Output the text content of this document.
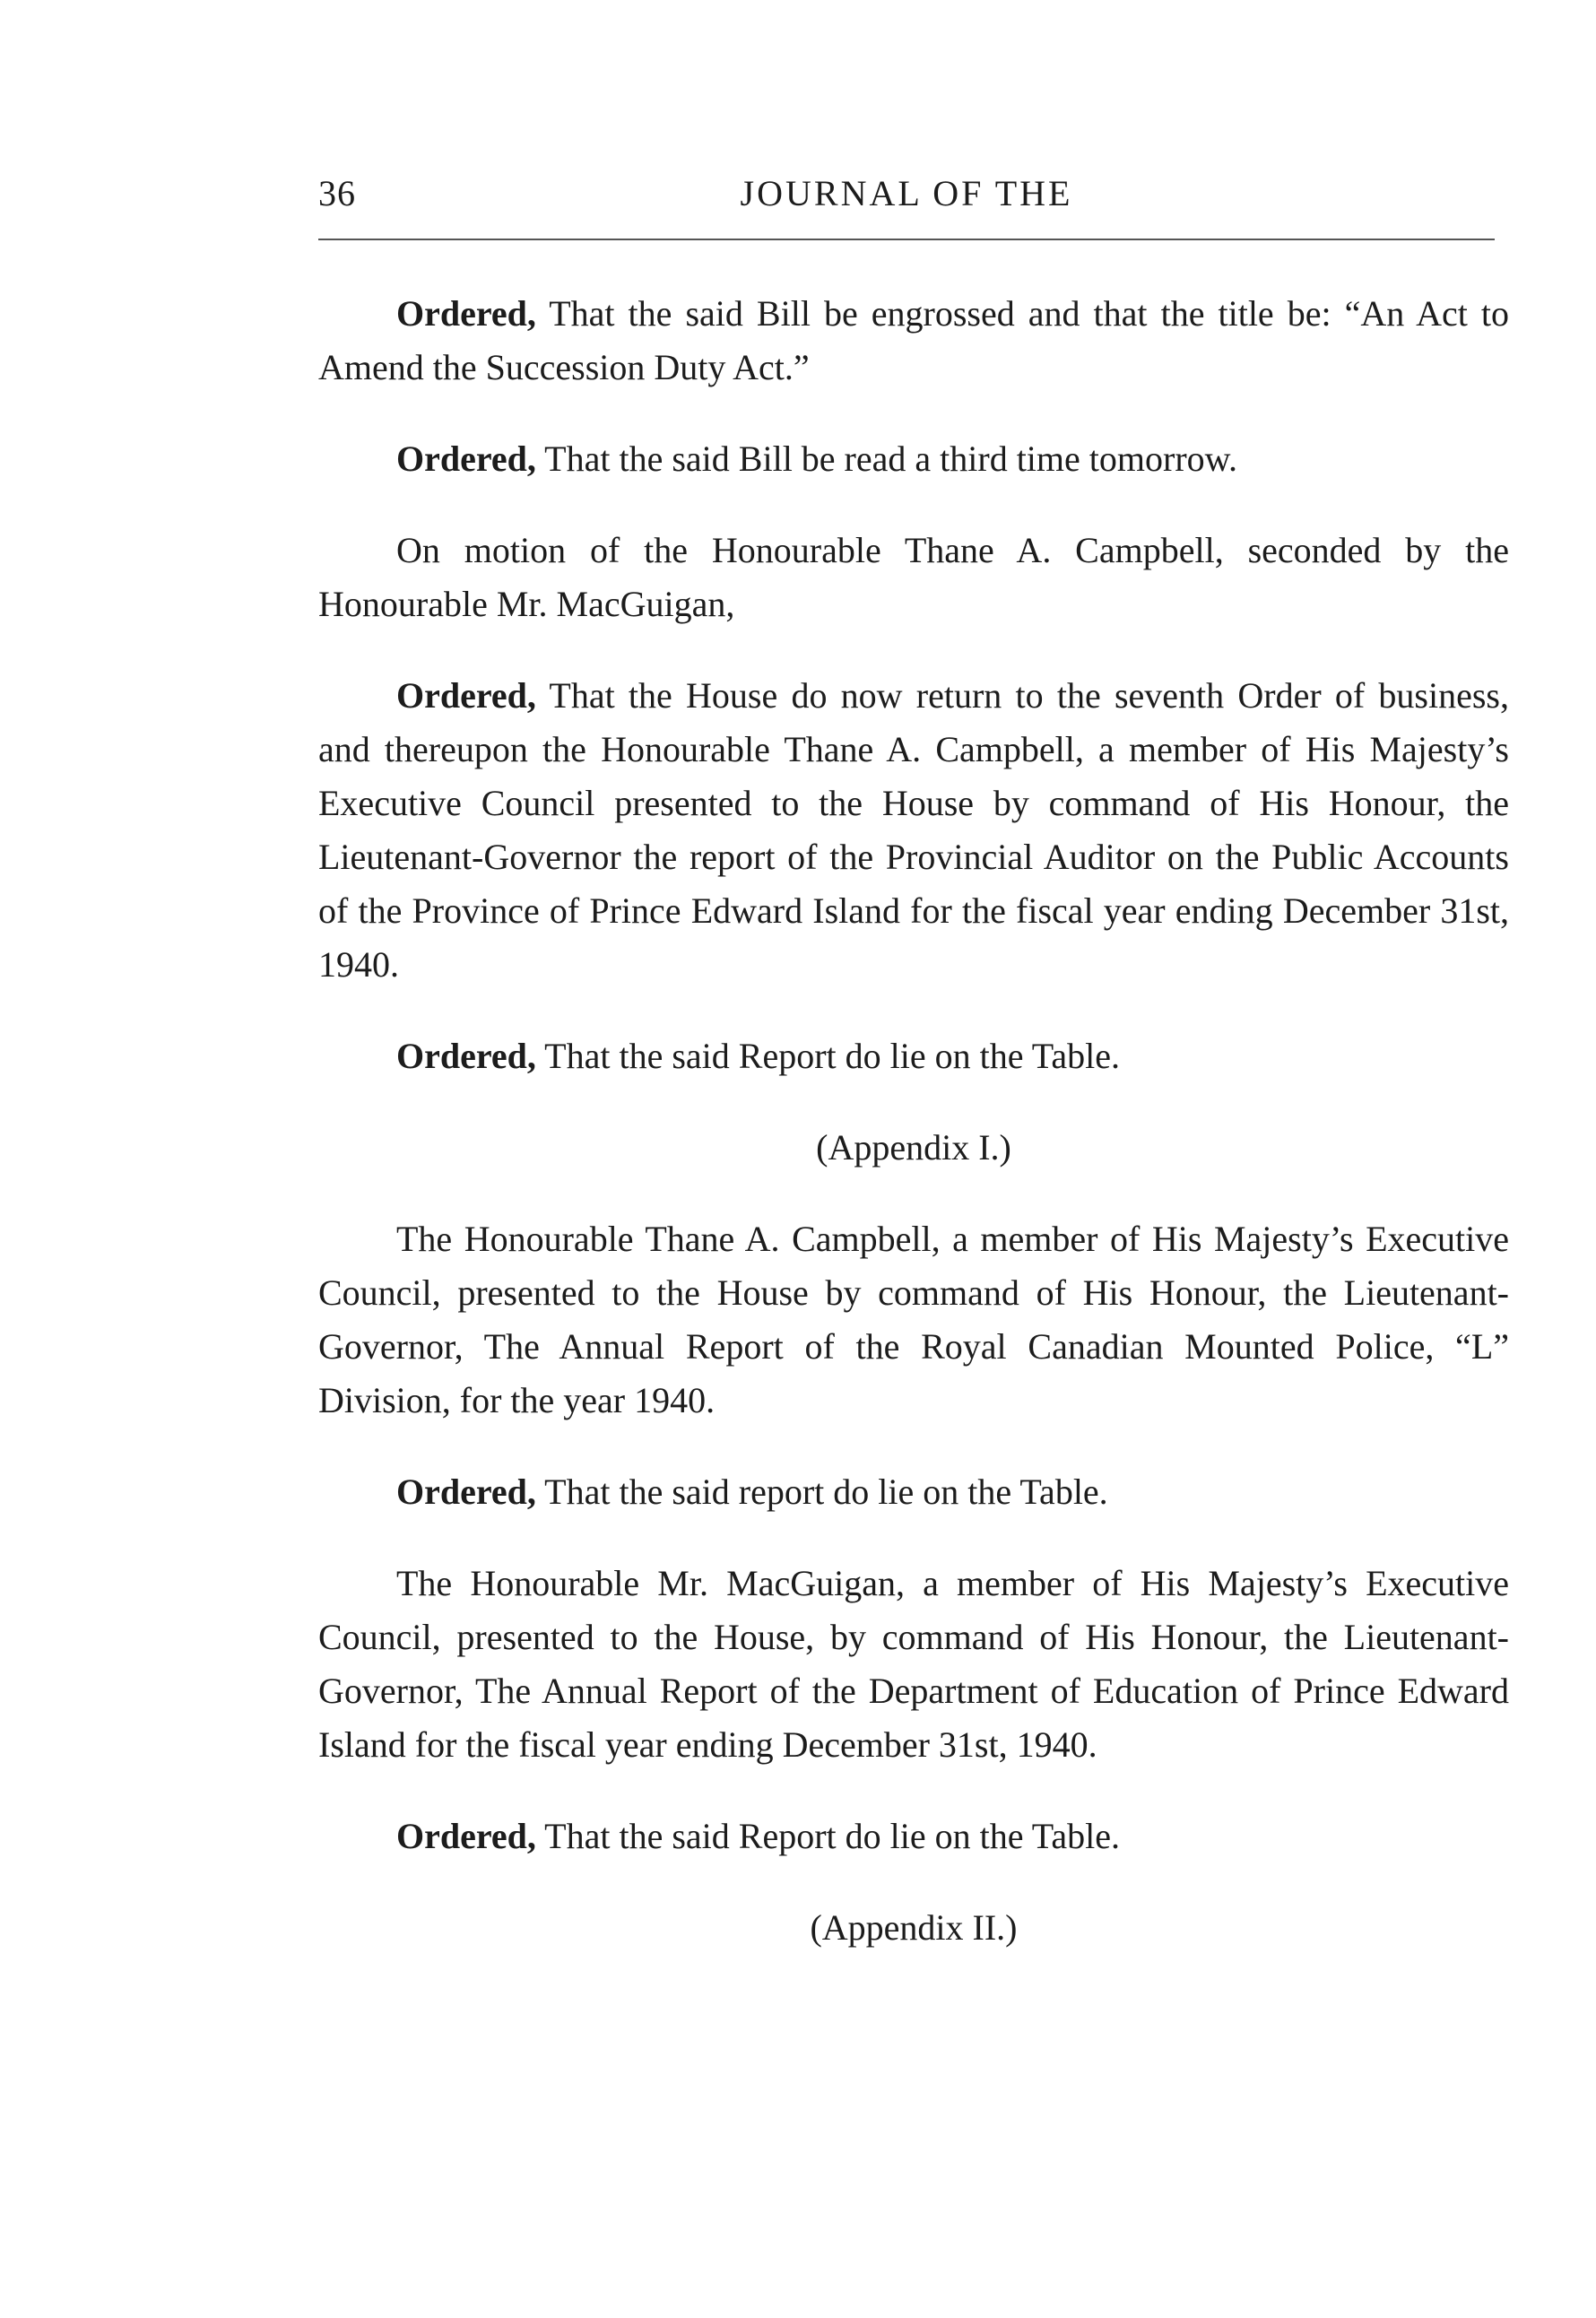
36	JOURNAL OF THE

Ordered, That the said Bill be engrossed and that the title be: “An Act to Amend the Succession Duty Act.”

Ordered, That the said Bill be read a third time tomorrow.

On motion of the Honourable Thane A. Campbell, seconded by the Honourable Mr. MacGuigan,

Ordered, That the House do now return to the seventh Order of business, and thereupon the Honourable Thane A. Campbell, a member of His Majesty’s Executive Council presented to the House by command of His Honour, the Lieutenant-Governor the report of the Provincial Auditor on the Public Accounts of the Province of Prince Edward Island for the fiscal year ending December 31st, 1940.

Ordered, That the said Report do lie on the Table.

(Appendix I.)

The Honourable Thane A. Campbell, a member of His Majesty’s Executive Council, presented to the House by command of His Honour, the Lieutenant-Governor, The Annual Report of the Royal Canadian Mounted Police, “L” Division, for the year 1940.

Ordered, That the said report do lie on the Table.

The Honourable Mr. MacGuigan, a member of His Majesty’s Executive Council, presented to the House, by command of His Honour, the Lieutenant-Governor, The Annual Report of the Department of Education of Prince Edward Island for the fiscal year ending December 31st, 1940.

Ordered, That the said Report do lie on the Table.

(Appendix II.)
